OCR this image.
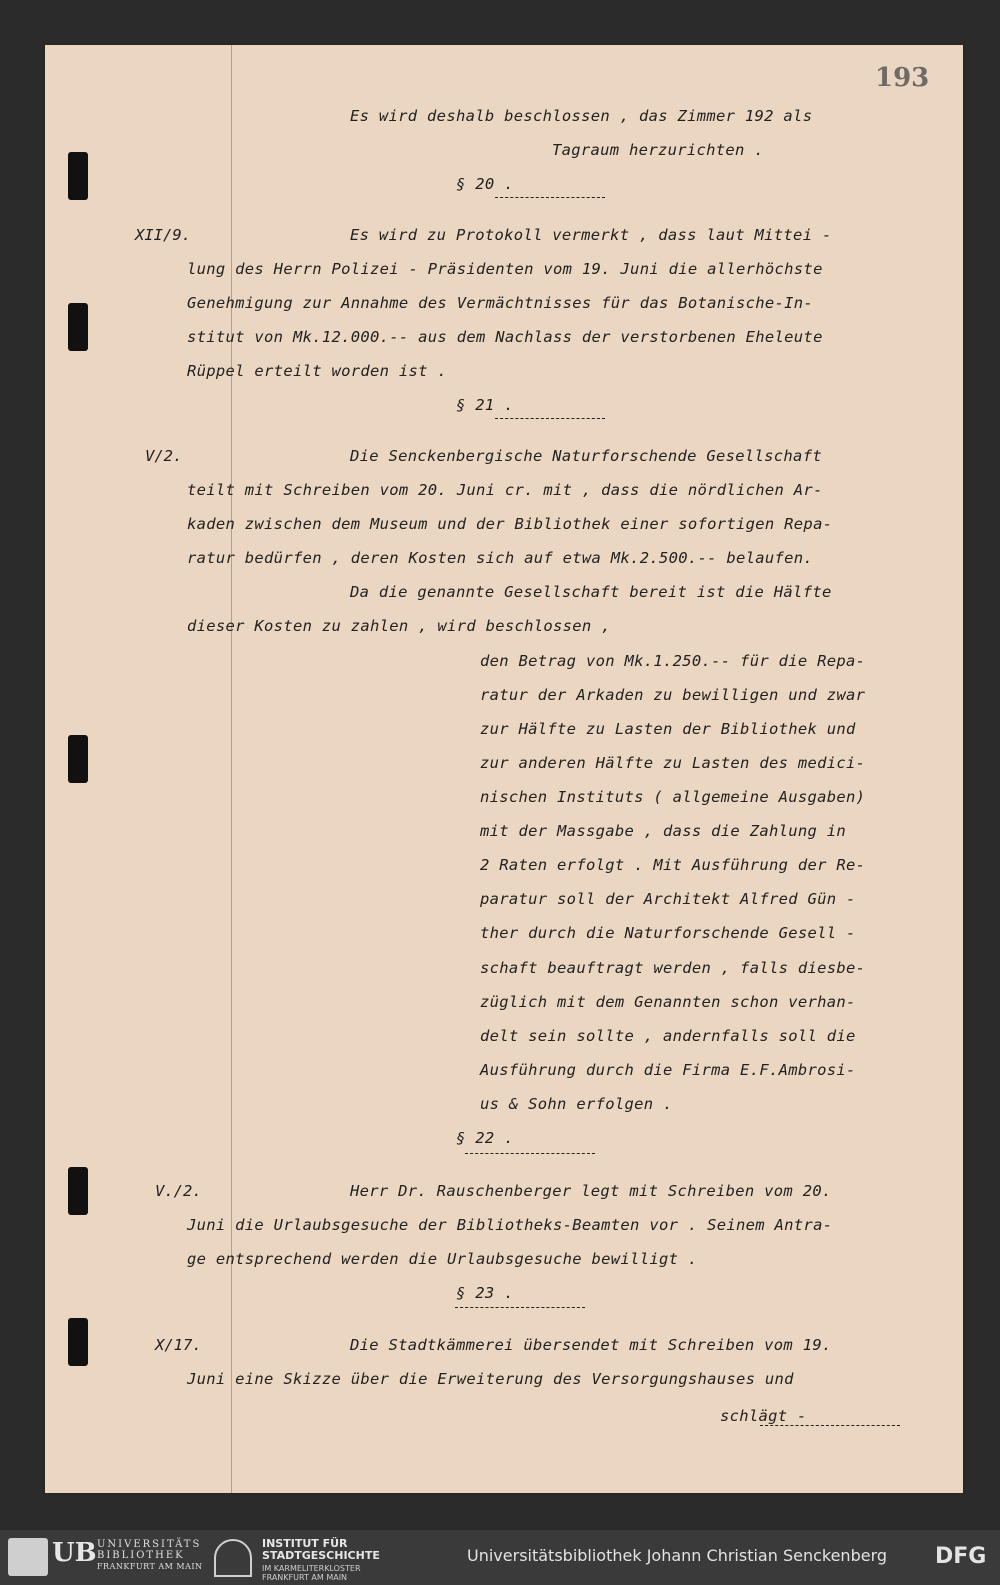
193
Es wird deshalb beschlossen , das Zimmer 192 als
Tagraum herzurichten .
§ 20 .
Es wird zu Protokoll vermerkt , dass laut Mittei -
lung des Herrn Polizei - Präsidenten vom 19. Juni die allerhöchste
Genehmigung zur Annahme des Vermächtnisses für das Botanische-In-
stitut von Mk.12.000.-- aus dem Nachlass der verstorbenen Eheleute
Rüppel erteilt worden ist .
§ 21 .
Die Senckenbergische Naturforschende Gesellschaft
teilt mit Schreiben vom 20. Juni cr. mit , dass die nördlichen Ar-
kaden zwischen dem Museum und der Bibliothek einer sofortigen Repa-
ratur bedürfen , deren Kosten sich auf etwa Mk.2.500.-- belaufen.
Da die genannte Gesellschaft bereit ist die Hälfte
dieser Kosten zu zahlen , wird beschlossen ,
den Betrag von Mk.1.250.-- für die Repa-
ratur der Arkaden zu bewilligen und zwar
zur Hälfte zu Lasten der Bibliothek und
zur anderen Hälfte zu Lasten des medici-
nischen Instituts ( allgemeine Ausgaben)
mit der Massgabe , dass die Zahlung in
2 Raten erfolgt . Mit Ausführung der Re-
paratur soll der Architekt Alfred Gün -
ther durch die Naturforschende Gesell -
schaft beauftragt werden , falls diesbe-
züglich mit dem Genannten schon verhan-
delt sein sollte , andernfalls soll die
Ausführung durch die Firma E.F.Ambrosi-
us & Sohn erfolgen .
§ 22 .
Herr Dr. Rauschenberger legt mit Schreiben vom 20.
Juni die Urlaubsgesuche der Bibliotheks-Beamten vor . Seinem Antra-
ge entsprechend werden die Urlaubsgesuche bewilligt .
§ 23 .
Die Stadtkämmerei übersendet mit Schreiben vom 19.
Juni eine Skizze über die Erweiterung des Versorgungshauses und
schlägt -
XII/9.
V/2.
V./2.
X/17.
UB UNIVERSITÄTS
BIBLIOTHEK
FRANKFURT AM MAIN
INSTITUT FÜR
STADTGESCHICHTE
IM KARMELITERKLOSTER
FRANKFURT AM MAIN
Universitätsbibliothek Johann Christian Senckenberg DFG
